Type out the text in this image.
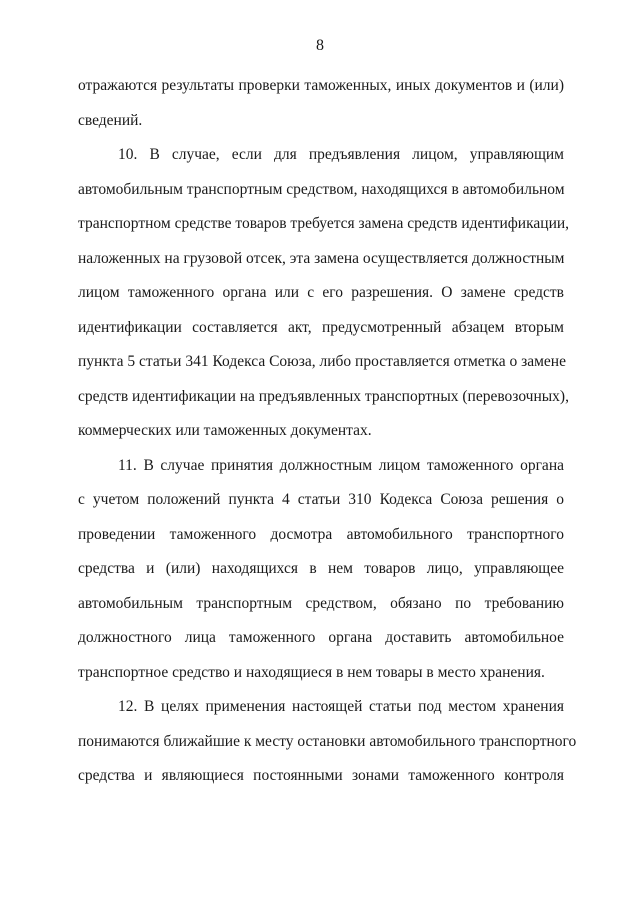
8
отражаются результаты проверки таможенных, иных документов и (или)
сведений.
10. В случае, если для предъявления лицом, управляющим
автомобильным транспортным средством, находящихся в автомобильном
транспортном средстве товаров требуется замена средств идентификации,
наложенных на грузовой отсек, эта замена осуществляется должностным
лицом таможенного органа или с его разрешения. О замене средств
идентификации составляется акт, предусмотренный абзацем вторым
пункта 5 статьи 341 Кодекса Союза, либо проставляется отметка о замене
средств идентификации на предъявленных транспортных (перевозочных),
коммерческих или таможенных документах.
11. В случае принятия должностным лицом таможенного органа
с учетом положений пункта 4 статьи 310 Кодекса Союза решения о
проведении таможенного досмотра автомобильного транспортного
средства и (или) находящихся в нем товаров лицо, управляющее
автомобильным транспортным средством, обязано по требованию
должностного лица таможенного органа доставить автомобильное
транспортное средство и находящиеся в нем товары в место хранения.
12. В целях применения настоящей статьи под местом хранения
понимаются ближайшие к месту остановки автомобильного транспортного
средства и являющиеся постоянными зонами таможенного контроля
